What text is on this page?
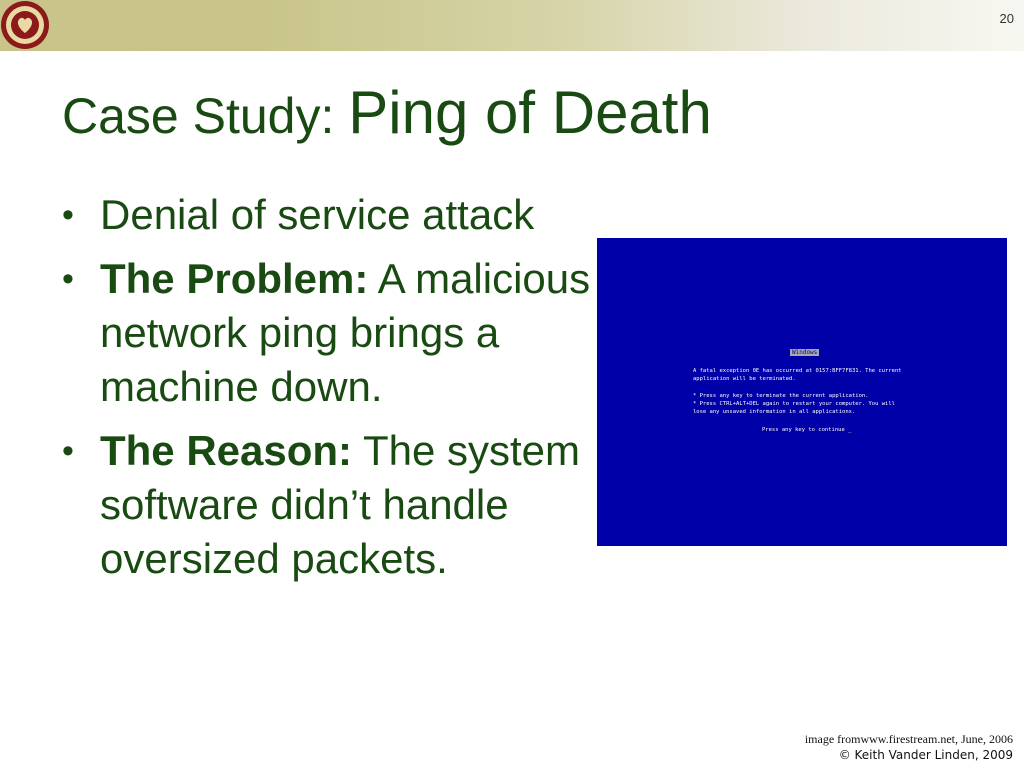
20
Case Study: Ping of Death
• Denial of service attack
• The Problem: A malicious network ping brings a machine down.
• The Reason: The system software didn’t handle oversized packets.
Windows
A fatal exception 0E has occurred at 0157:BFF7F831. The current
application will be terminated.
* Press any key to terminate the current application.
* Press CTRL+ALT+DEL again to restart your computer. You will
lose any unsaved information in all applications.
Press any key to continue _
image fromwww.firestream.net, June, 2006
© Keith Vander Linden, 2009
